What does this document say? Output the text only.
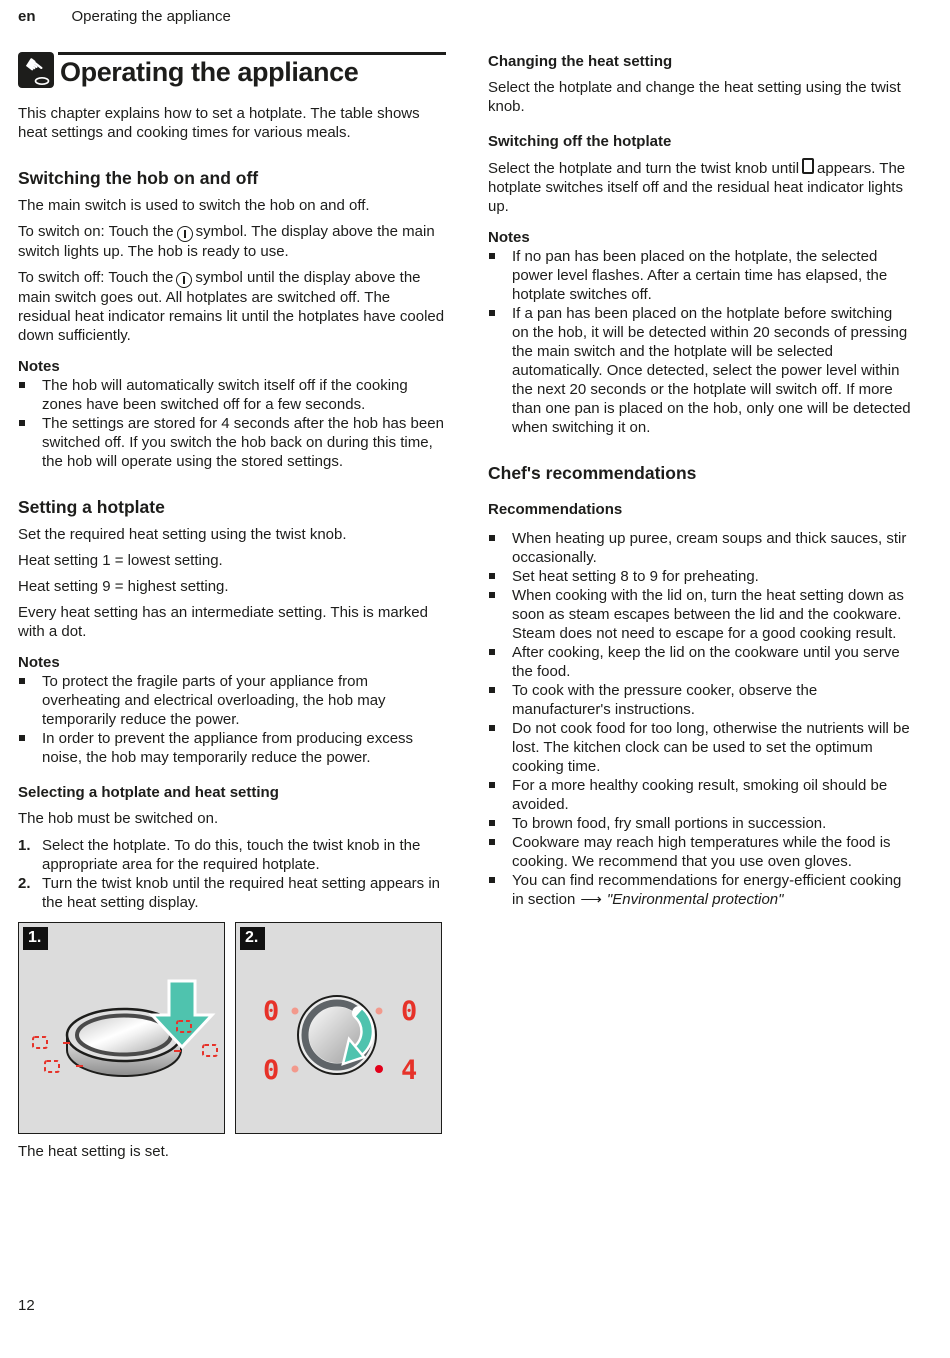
en Operating the appliance
☛ Operating the appliance

This chapter explains how to set a hotplate. The table shows heat settings and cooking times for various meals.

Switching the hob on and off

The main switch is used to switch the hob on and off.

To switch on: Touch the symbol. The display above the main switch lights up. The hob is ready to use.

To switch off: Touch the symbol until the display above the main switch goes out. All hotplates are switched off. The residual heat indicator remains lit until the hotplates have cooled down sufficiently.

Notes
The hob will automatically switch itself off if the cooking zones have been switched off for a few seconds.
The settings are stored for 4 seconds after the hob has been switched off. If you switch the hob back on during this time, the hob will operate using the stored settings.
Setting a hotplate

Set the required heat setting using the twist knob.

Heat setting 1 = lowest setting.

Heat setting 9 = highest setting.

Every heat setting has an intermediate setting. This is marked with a dot.

Notes
To protect the fragile parts of your appliance from overheating and electrical overloading, the hob may temporarily reduce the power.
In order to prevent the appliance from producing excess noise, the hob may temporarily reduce the power.
Selecting a hotplate and heat setting

The hob must be switched on.

1. Select the hotplate. To do this, touch the twist knob in the appropriate area for the required hotplate.
2. Turn the twist knob until the required heat setting appears in the heat setting display.
1.
0
0
0
4
2.

The heat setting is set.

Changing the heat setting

Select the hotplate and change the heat setting using the twist knob.

Switching off the hotplate

Select the hotplate and turn the twist knob until appears. The hotplate switches itself off and the residual heat indicator lights up.

Notes
If no pan has been placed on the hotplate, the selected power level flashes. After a certain time has elapsed, the hotplate switches off.
If a pan has been placed on the hotplate before switching on the hob, it will be detected within 20 seconds of pressing the main switch and the hotplate will be selected automatically. Once detected, select the power level within the next 20 seconds or the hotplate will switch off. If more than one pan is placed on the hob, only one will be detected when switching it on.
Chef's recommendations
Recommendations
When heating up puree, cream soups and thick sauces, stir occasionally.
Set heat setting 8 to 9 for preheating.
When cooking with the lid on, turn the heat setting down as soon as steam escapes between the lid and the cookware. Steam does not need to escape for a good cooking result.
After cooking, keep the lid on the cookware until you serve the food.
To cook with the pressure cooker, observe the manufacturer's instructions.
Do not cook food for too long, otherwise the nutrients will be lost. The kitchen clock can be used to set the optimum cooking time.
For a more healthy cooking result, smoking oil should be avoided.
To brown food, fry small portions in succession.
Cookware may reach high temperatures while the food is cooking. We recommend that you use oven gloves.
You can find recommendations for energy-efficient cooking in section ⟶ "Environmental protection"
12
